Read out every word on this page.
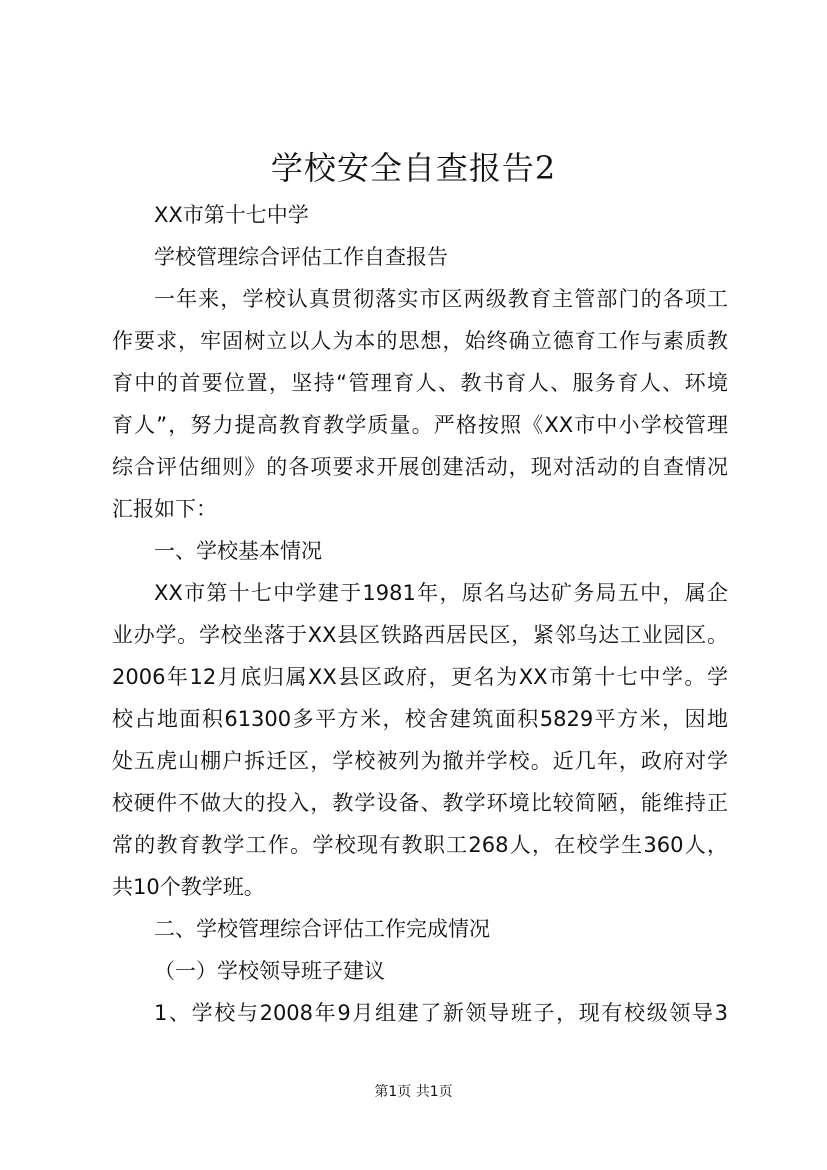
学校安全自查报告2
XX市第十七中学
学校管理综合评估工作自查报告
一年来，学校认真贯彻落实市区两级教育主管部门的各项工
作要求，牢固树立以人为本的思想，始终确立德育工作与素质教
育中的首要位置，坚持“管理育人、教书育人、服务育人、环境
育人”，努力提高教育教学质量。严格按照《XX市中小学校管理
综合评估细则》的各项要求开展创建活动，现对活动的自查情况
汇报如下：
一、学校基本情况
XX市第十七中学建于1981年，原名乌达矿务局五中，属企
业办学。学校坐落于XX县区铁路西居民区，紧邻乌达工业园区。
2006年12月底归属XX县区政府，更名为XX市第十七中学。学
校占地面积61300多平方米，校舍建筑面积5829平方米，因地
处五虎山棚户拆迁区，学校被列为撤并学校。近几年，政府对学
校硬件不做大的投入，教学设备、教学环境比较简陋，能维持正
常的教育教学工作。学校现有教职工268人，在校学生360人，
共10个教学班。
二、学校管理综合评估工作完成情况
（一）学校领导班子建议
1、学校与2008年9月组建了新领导班子，现有校级领导3
第1页 共1页
